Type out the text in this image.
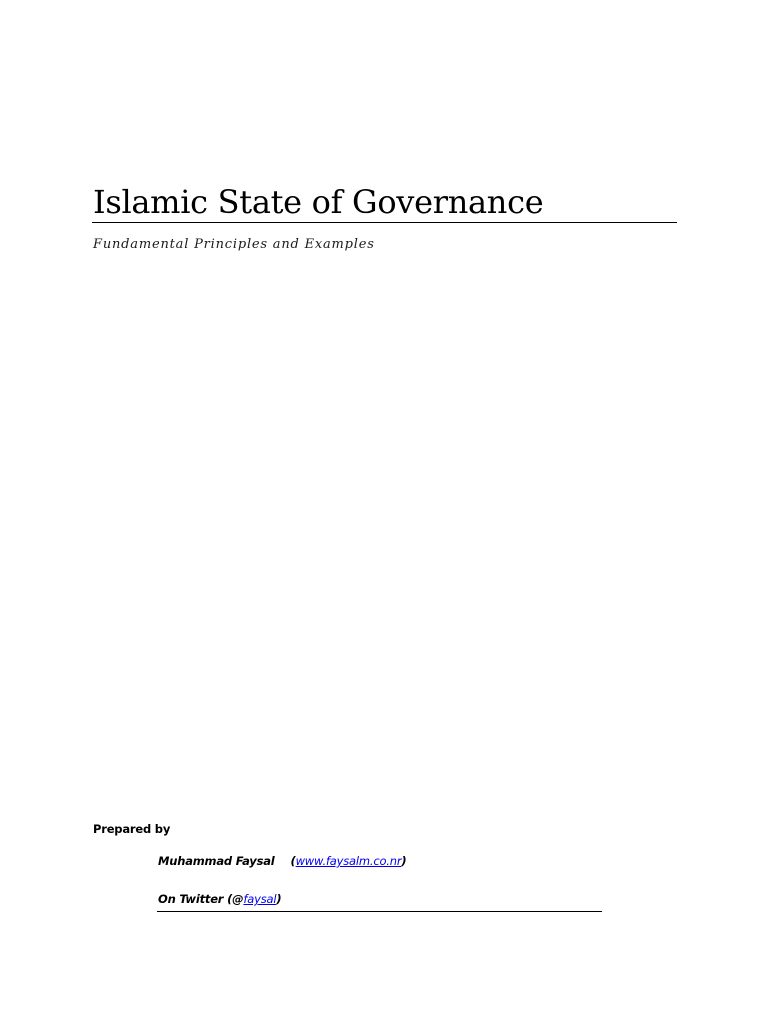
Islamic State of Governance
Fundamental Principles and Examples
Prepared by
Muhammad Faysal (www.faysalm.co.nr)
On Twitter (@faysal)
